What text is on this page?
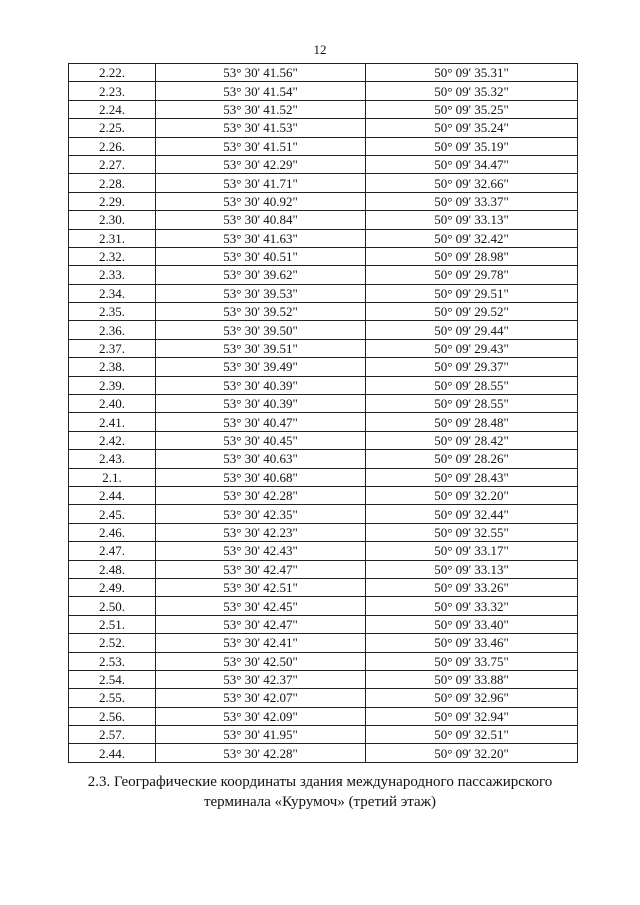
12
2.22.	53° 30' 41.56"	50° 09' 35.31"
2.23.	53° 30' 41.54"	50° 09' 35.32"
2.24.	53° 30' 41.52"	50° 09' 35.25"
2.25.	53° 30' 41.53"	50° 09' 35.24"
2.26.	53° 30' 41.51"	50° 09' 35.19"
2.27.	53° 30' 42.29"	50° 09' 34.47"
2.28.	53° 30' 41.71"	50° 09' 32.66"
2.29.	53° 30' 40.92"	50° 09' 33.37"
2.30.	53° 30' 40.84"	50° 09' 33.13"
2.31.	53° 30' 41.63"	50° 09' 32.42"
2.32.	53° 30' 40.51"	50° 09' 28.98"
2.33.	53° 30' 39.62"	50° 09' 29.78"
2.34.	53° 30' 39.53"	50° 09' 29.51"
2.35.	53° 30' 39.52"	50° 09' 29.52"
2.36.	53° 30' 39.50"	50° 09' 29.44"
2.37.	53° 30' 39.51"	50° 09' 29.43"
2.38.	53° 30' 39.49"	50° 09' 29.37"
2.39.	53° 30' 40.39"	50° 09' 28.55"
2.40.	53° 30' 40.39"	50° 09' 28.55"
2.41.	53° 30' 40.47"	50° 09' 28.48"
2.42.	53° 30' 40.45"	50° 09' 28.42"
2.43.	53° 30' 40.63"	50° 09' 28.26"
2.1.	53° 30' 40.68"	50° 09' 28.43"
2.44.	53° 30' 42.28"	50° 09' 32.20"
2.45.	53° 30' 42.35"	50° 09' 32.44"
2.46.	53° 30' 42.23"	50° 09' 32.55"
2.47.	53° 30' 42.43"	50° 09' 33.17"
2.48.	53° 30' 42.47"	50° 09' 33.13"
2.49.	53° 30' 42.51"	50° 09' 33.26"
2.50.	53° 30' 42.45"	50° 09' 33.32"
2.51.	53° 30' 42.47"	50° 09' 33.40"
2.52.	53° 30' 42.41"	50° 09' 33.46"
2.53.	53° 30' 42.50"	50° 09' 33.75"
2.54.	53° 30' 42.37"	50° 09' 33.88"
2.55.	53° 30' 42.07"	50° 09' 32.96"
2.56.	53° 30' 42.09"	50° 09' 32.94"
2.57.	53° 30' 41.95"	50° 09' 32.51"
2.44.	53° 30' 42.28"	50° 09' 32.20"
2.3. Географические координаты здания международного пассажирского
терминала «Курумоч» (третий этаж)
